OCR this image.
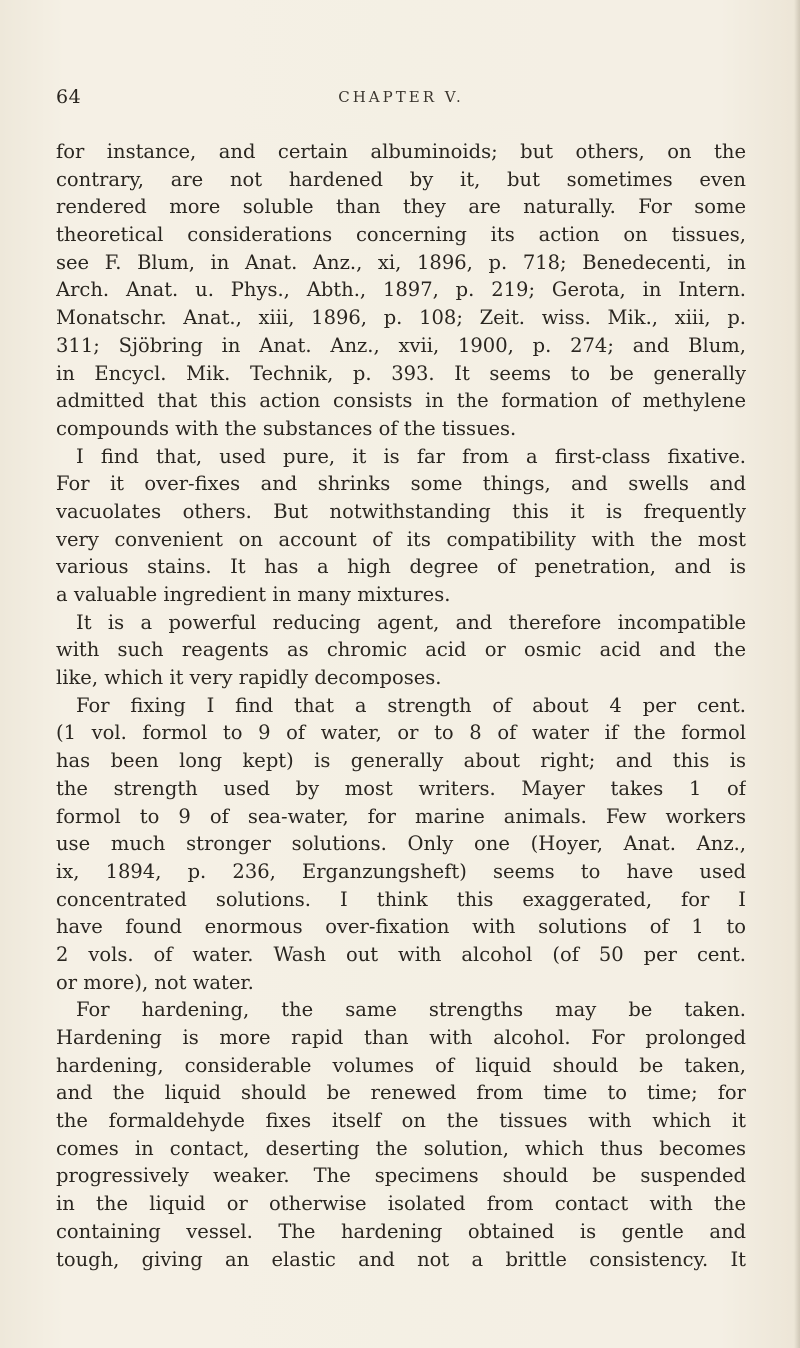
64	CHAPTER V.
for instance, and certain albuminoids; but others, on the
contrary, are not hardened by it, but sometimes even
rendered more soluble than they are naturally. For some
theoretical considerations concerning its action on tissues,
see F. Blum, in Anat. Anz., xi, 1896, p. 718; Benedecenti, in
Arch. Anat. u. Phys., Abth., 1897, p. 219; Gerota, in Intern.
Monatschr. Anat., xiii, 1896, p. 108; Zeit. wiss. Mik., xiii, p.
311; Sjöbring in Anat. Anz., xvii, 1900, p. 274; and Blum,
in Encycl. Mik. Technik, p. 393. It seems to be generally
admitted that this action consists in the formation of methylene
compounds with the substances of the tissues.
I find that, used pure, it is far from a first-class fixative.
For it over-fixes and shrinks some things, and swells and
vacuolates others. But notwithstanding this it is frequently
very convenient on account of its compatibility with the most
various stains. It has a high degree of penetration, and is
a valuable ingredient in many mixtures.
It is a powerful reducing agent, and therefore incompatible
with such reagents as chromic acid or osmic acid and the
like, which it very rapidly decomposes.
For fixing I find that a strength of about 4 per cent.
(1 vol. formol to 9 of water, or to 8 of water if the formol
has been long kept) is generally about right; and this is
the strength used by most writers. Mayer takes 1 of
formol to 9 of sea-water, for marine animals. Few workers
use much stronger solutions. Only one (Hoyer, Anat. Anz.,
ix, 1894, p. 236, Erganzungsheft) seems to have used
concentrated solutions. I think this exaggerated, for I
have found enormous over-fixation with solutions of 1 to
2 vols. of water. Wash out with alcohol (of 50 per cent.
or more), not water.
For hardening, the same strengths may be taken.
Hardening is more rapid than with alcohol. For prolonged
hardening, considerable volumes of liquid should be taken,
and the liquid should be renewed from time to time; for
the formaldehyde fixes itself on the tissues with which it
comes in contact, deserting the solution, which thus becomes
progressively weaker. The specimens should be suspended
in the liquid or otherwise isolated from contact with the
containing vessel. The hardening obtained is gentle and
tough, giving an elastic and not a brittle consistency. It
